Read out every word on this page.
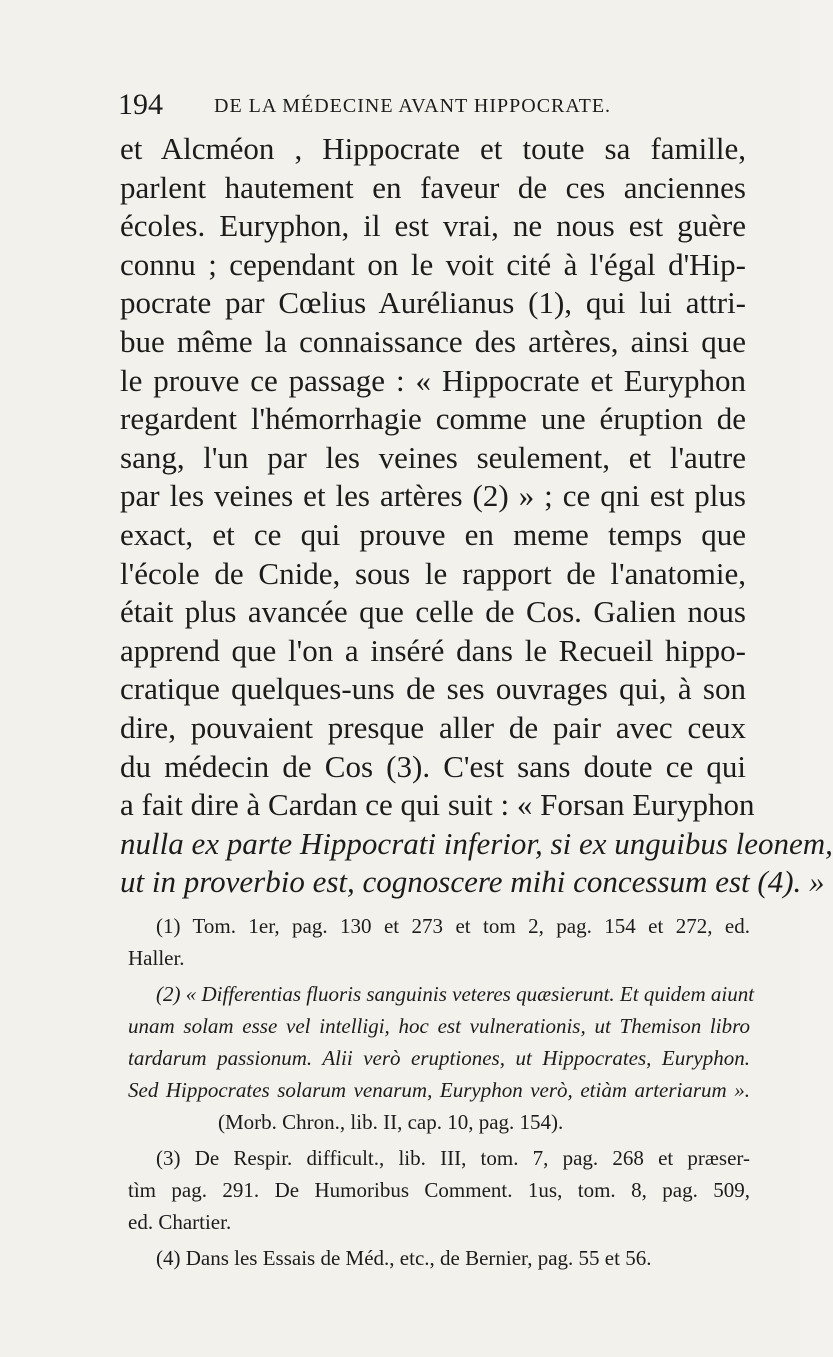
194	DE LA MÉDECINE AVANT HIPPOCRATE.
et Alcméon , Hippocrate et toute sa famille,
parlent hautement en faveur de ces anciennes
écoles. Euryphon, il est vrai, ne nous est guère
connu ; cependant on le voit cité à l'égal d'Hip-
pocrate par Cœlius Aurélianus (1), qui lui attri-
bue même la connaissance des artères, ainsi que
le prouve ce passage : « Hippocrate et Euryphon
regardent l'hémorrhagie comme une éruption de
sang, l'un par les veines seulement, et l'autre
par les veines et les artères (2) » ; ce qni est plus
exact, et ce qui prouve en meme temps que
l'école de Cnide, sous le rapport de l'anatomie,
était plus avancée que celle de Cos. Galien nous
apprend que l'on a inséré dans le Recueil hippo-
cratique quelques-uns de ses ouvrages qui, à son
dire, pouvaient presque aller de pair avec ceux
du médecin de Cos (3). C'est sans doute ce qui
a fait dire à Cardan ce qui suit : « Forsan Euryphon
nulla ex parte Hippocrati inferior, si ex unguibus leonem,
ut in proverbio est, cognoscere mihi concessum est (4). »
(1) Tom. 1er, pag. 130 et 273 et tom 2, pag. 154 et 272, ed.
Haller.
(2) « Differentias fluoris sanguinis veteres quæsierunt. Et quidem aiunt
unam solam esse vel intelligi, hoc est vulnerationis, ut Themison libro
tardarum passionum. Alii verò eruptiones, ut Hippocrates, Euryphon.
Sed Hippocrates solarum venarum, Euryphon verò, etiàm arteriarum ».
(Morb. Chron., lib. II, cap. 10, pag. 154).
(3) De Respir. difficult., lib. III, tom. 7, pag. 268 et præser-
tìm pag. 291. De Humoribus Comment. 1us, tom. 8, pag. 509,
ed. Chartier.
(4) Dans les Essais de Méd., etc., de Bernier, pag. 55 et 56.
